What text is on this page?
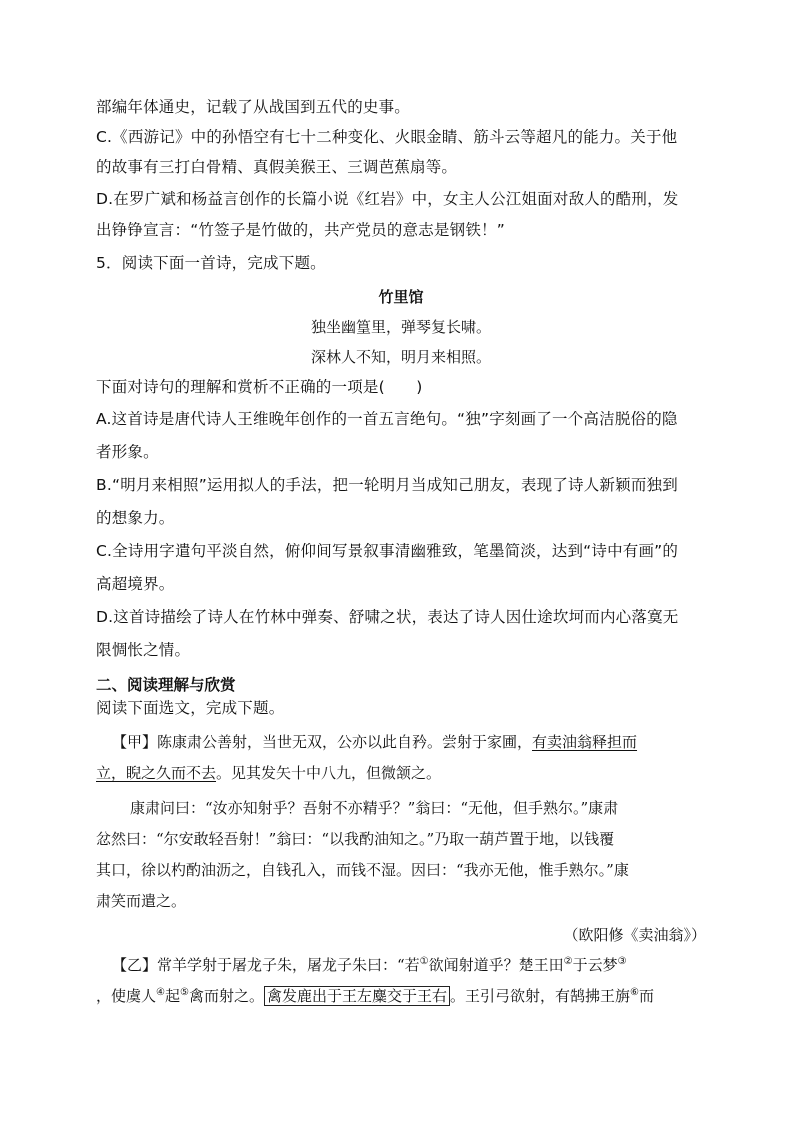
部编年体通史，记载了从战国到五代的史事。
C.《西游记》中的孙悟空有七十二种变化、火眼金睛、筋斗云等超凡的能力。关于他
的故事有三打白骨精、真假美猴王、三调芭蕉扇等。
D.在罗广斌和杨益言创作的长篇小说《红岩》中，女主人公江姐面对敌人的酷刑，发
出铮铮宣言：“竹签子是竹做的，共产党员的意志是钢铁！”
5．阅读下面一首诗，完成下题。
竹里馆
独坐幽篁里，弹琴复长啸。
深林人不知，明月来相照。
下面对诗句的理解和赏析不正确的一项是(　　)
A.这首诗是唐代诗人王维晚年创作的一首五言绝句。“独”字刻画了一个高洁脱俗的隐
者形象。
B.“明月来相照”运用拟人的手法，把一轮明月当成知己朋友，表现了诗人新颖而独到
的想象力。
C.全诗用字遣句平淡自然，俯仰间写景叙事清幽雅致，笔墨简淡，达到“诗中有画”的
高超境界。
D.这首诗描绘了诗人在竹林中弹奏、舒啸之状，表达了诗人因仕途坎坷而内心落寞无
限惆怅之情。
二、阅读理解与欣赏
阅读下面选文，完成下题。
【甲】陈康肃公善射，当世无双，公亦以此自矜。尝射于家圃，有卖油翁释担而
立，睨之久而不去。见其发矢十中八九，但微颔之。
康肃问曰：“汝亦知射乎？吾射不亦精乎？”翁曰：“无他，但手熟尔。”康肃
忿然曰：“尔安敢轻吾射！”翁曰：“以我酌油知之。”乃取一葫芦置于地，以钱覆
其口，徐以杓酌油沥之，自钱孔入，而钱不湿。因曰：“我亦无他，惟手熟尔。”康
肃笑而遣之。
（欧阳修《卖油翁》）
【乙】常羊学射于屠龙子朱，屠龙子朱曰：“若①欲闻射道乎？楚王田②于云梦③
，使虞人④起⑤禽而射之。 禽发鹿出于王左麋交于王右 。王引弓欲射，有鹄拂王旃⑥而
